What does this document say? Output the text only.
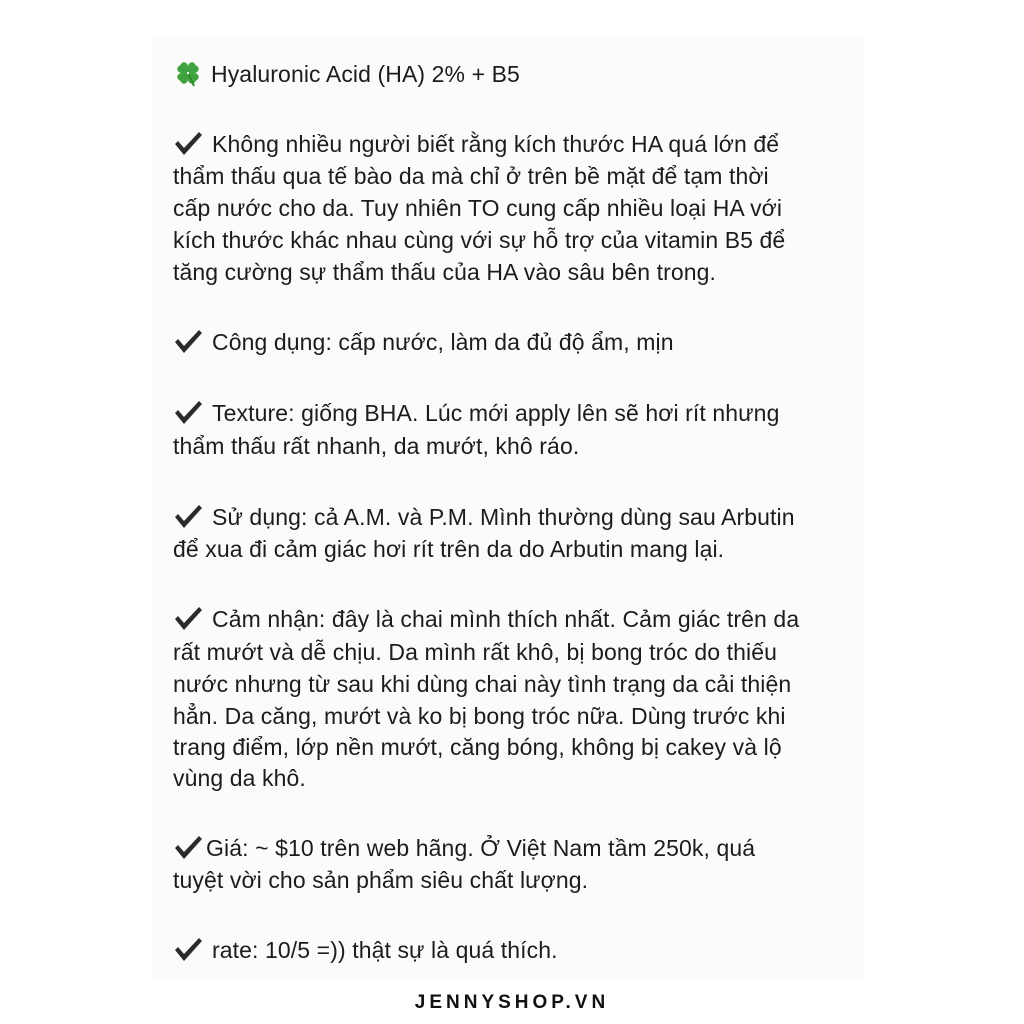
Hyaluronic Acid (HA) 2% + B5
Không nhiều người biết rằng kích thước HA quá lớn để
thẩm thấu qua tế bào da mà chỉ ở trên bề mặt để tạm thời
cấp nước cho da. Tuy nhiên TO cung cấp nhiều loại HA với
kích thước khác nhau cùng với sự hỗ trợ của vitamin B5 để
tăng cường sự thẩm thấu của HA vào sâu bên trong.
Công dụng: cấp nước, làm da đủ độ ẩm, mịn
Texture: giống BHA. Lúc mới apply lên sẽ hơi rít nhưng
thẩm thấu rất nhanh, da mướt, khô ráo.
Sử dụng: cả A.M. và P.M. Mình thường dùng sau Arbutin
để xua đi cảm giác hơi rít trên da do Arbutin mang lại.
Cảm nhận: đây là chai mình thích nhất. Cảm giác trên da
rất mướt và dễ chịu. Da mình rất khô, bị bong tróc do thiếu
nước nhưng từ sau khi dùng chai này tình trạng da cải thiện
hẳn. Da căng, mướt và ko bị bong tróc nữa. Dùng trước khi
trang điểm, lớp nền mướt, căng bóng, không bị cakey và lộ
vùng da khô.
Giá: ~ $10 trên web hãng. Ở Việt Nam tầm 250k, quá
tuyệt vời cho sản phẩm siêu chất lượng.
rate: 10/5 =)) thật sự là quá thích.
JENNYSHOP.VN
